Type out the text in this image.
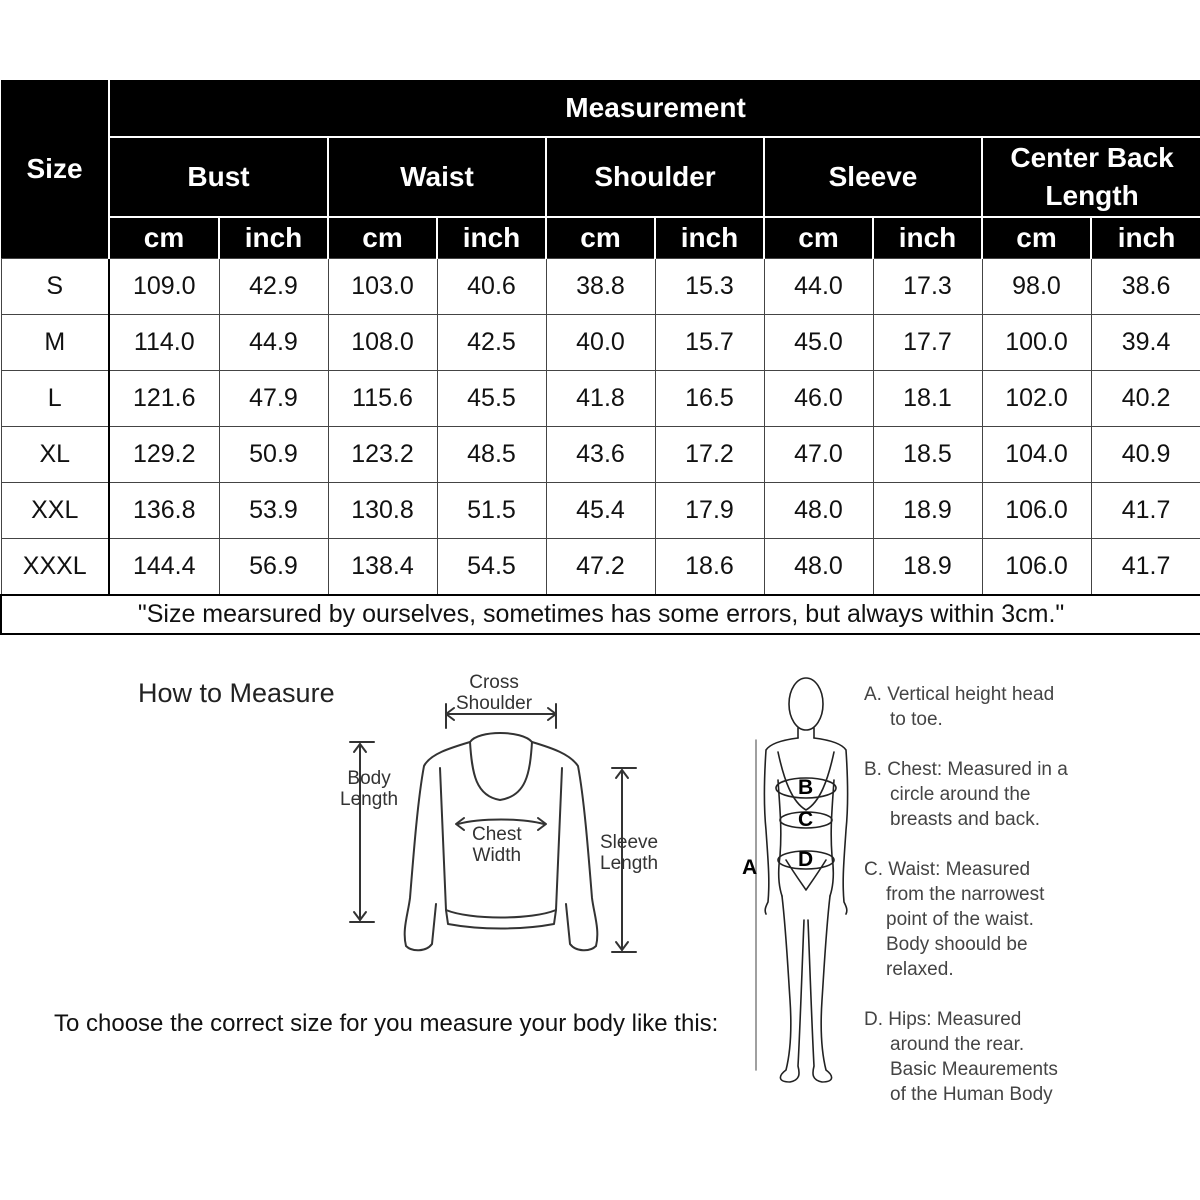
Size	Measurement									
	Bust		Waist		Shoulder		Sleeve		Center Back Length	
	cm	inch	cm	inch	cm	inch	cm	inch	cm	inch
S	109.0	42.9	103.0	40.6	38.8	15.3	44.0	17.3	98.0	38.6
M	114.0	44.9	108.0	42.5	40.0	15.7	45.0	17.7	100.0	39.4
L	121.6	47.9	115.6	45.5	41.8	16.5	46.0	18.1	102.0	40.2
XL	129.2	50.9	123.2	48.5	43.6	17.2	47.0	18.5	104.0	40.9
XXL	136.8	53.9	130.8	51.5	45.4	17.9	48.0	18.9	106.0	41.7
XXXL	144.4	56.9	138.4	54.5	47.2	18.6	48.0	18.9	106.0	41.7
"Size mearsured by ourselves, sometimes has some errors, but always within 3cm."										
How to Measure	Cross
Shoulder
Body
Length
Chest
Width
Sleeve
Length
To choose the correct size for you measure your body like this:
B
C
D
A
A. Vertical height head
to toe.
B. Chest: Measured in a
circle around the
breasts and back.
C. Waist: Measured
from the narrowest
point of the waist.
Body shoould be
relaxed.
D. Hips: Measured
around the rear.
Basic Meaurements
of the Human Body
